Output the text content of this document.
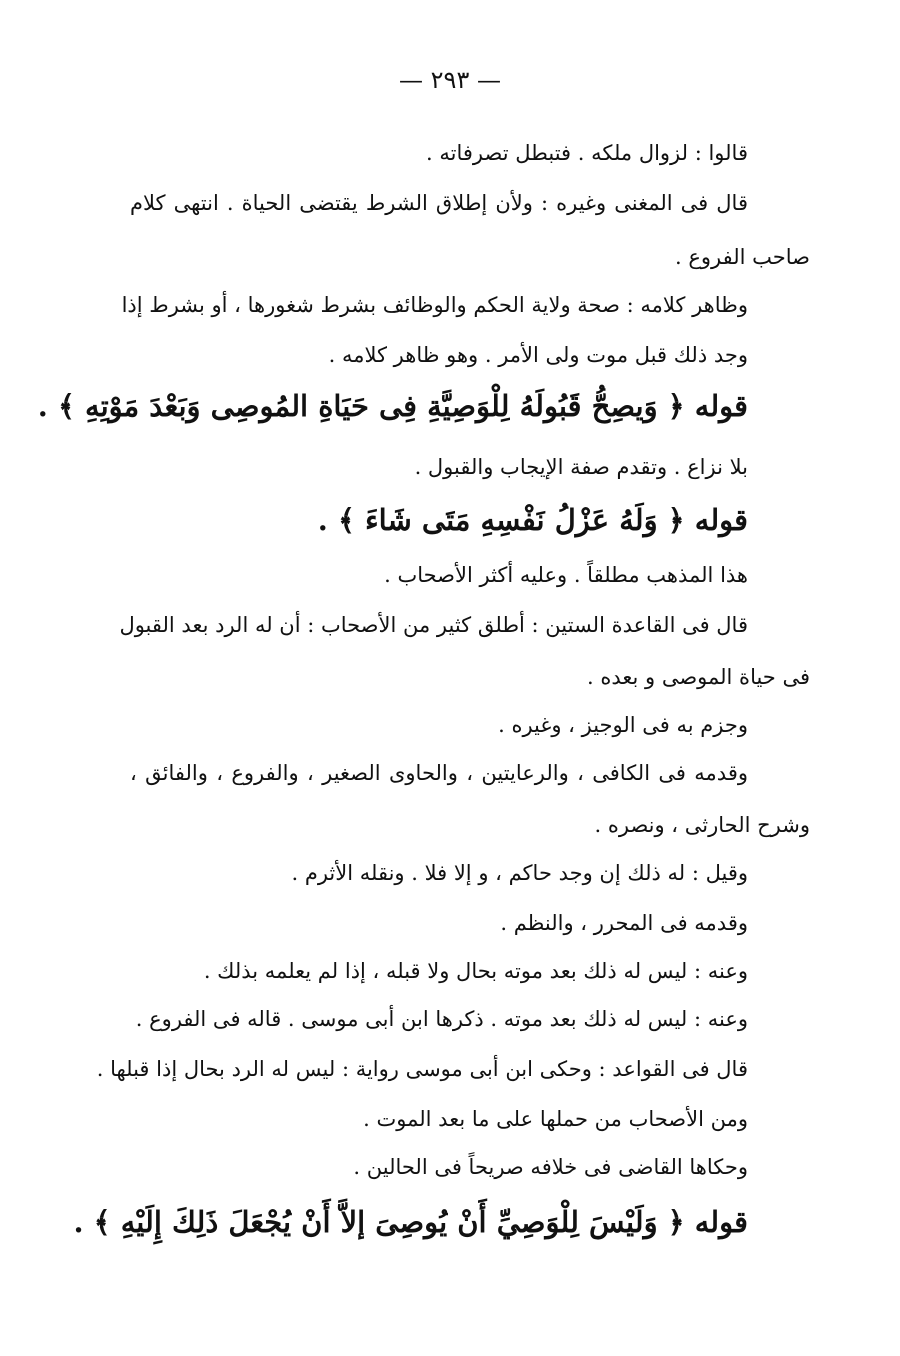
— ٢٩٣ —
قالوا : لزوال ملكه . فتبطل تصرفاته .
قال فى المغنى وغيره : ولأن إطلاق الشرط يقتضى الحياة . انتهى كلام
صاحب الفروع .
وظاهر كلامه : صحة ولاية الحكم والوظائف بشرط شغورها ، أو بشرط إذا
وجد ذلك قبل موت ولى الأمر . وهو ظاهر كلامه .
قوله ﴿ وَيصِحُّ قَبُولَهُ لِلْوَصِيَّةِ فِى حَيَاةِ المُوصِى وَبَعْدَ مَوْتِهِ ﴾ .
بلا نزاع . وتقدم صفة الإيجاب والقبول .
قوله ﴿ وَلَهُ عَزْلُ نَفْسِهِ مَتَى شَاءَ ﴾ .
هذا المذهب مطلقاً . وعليه أكثر الأصحاب .
قال فى القاعدة الستين : أطلق كثير من الأصحاب : أن له الرد بعد القبول
فى حياة الموصى و بعده .
وجزم به فى الوجيز ، وغيره .
وقدمه فى الكافى ، والرعايتين ، والحاوى الصغير ، والفروع ، والفائق ،
وشرح الحارثى ، ونصره .
وقيل : له ذلك إن وجد حاكم ، و إلا فلا . ونقله الأثرم .
وقدمه فى المحرر ، والنظم .
وعنه : ليس له ذلك بعد موته بحال ولا قبله ، إذا لم يعلمه بذلك .
وعنه : ليس له ذلك بعد موته . ذكرها ابن أبى موسى . قاله فى الفروع .
قال فى القواعد : وحكى ابن أبى موسى رواية : ليس له الرد بحال إذا قبلها .
ومن الأصحاب من حملها على ما بعد الموت .
وحكاها القاضى فى خلافه صريحاً فى الحالين .
قوله ﴿ وَلَيْسَ لِلْوَصِيِّ أَنْ يُوصِىَ إلاَّ أَنْ يُجْعَلَ ذَلِكَ إِلَيْهِ ﴾ .
